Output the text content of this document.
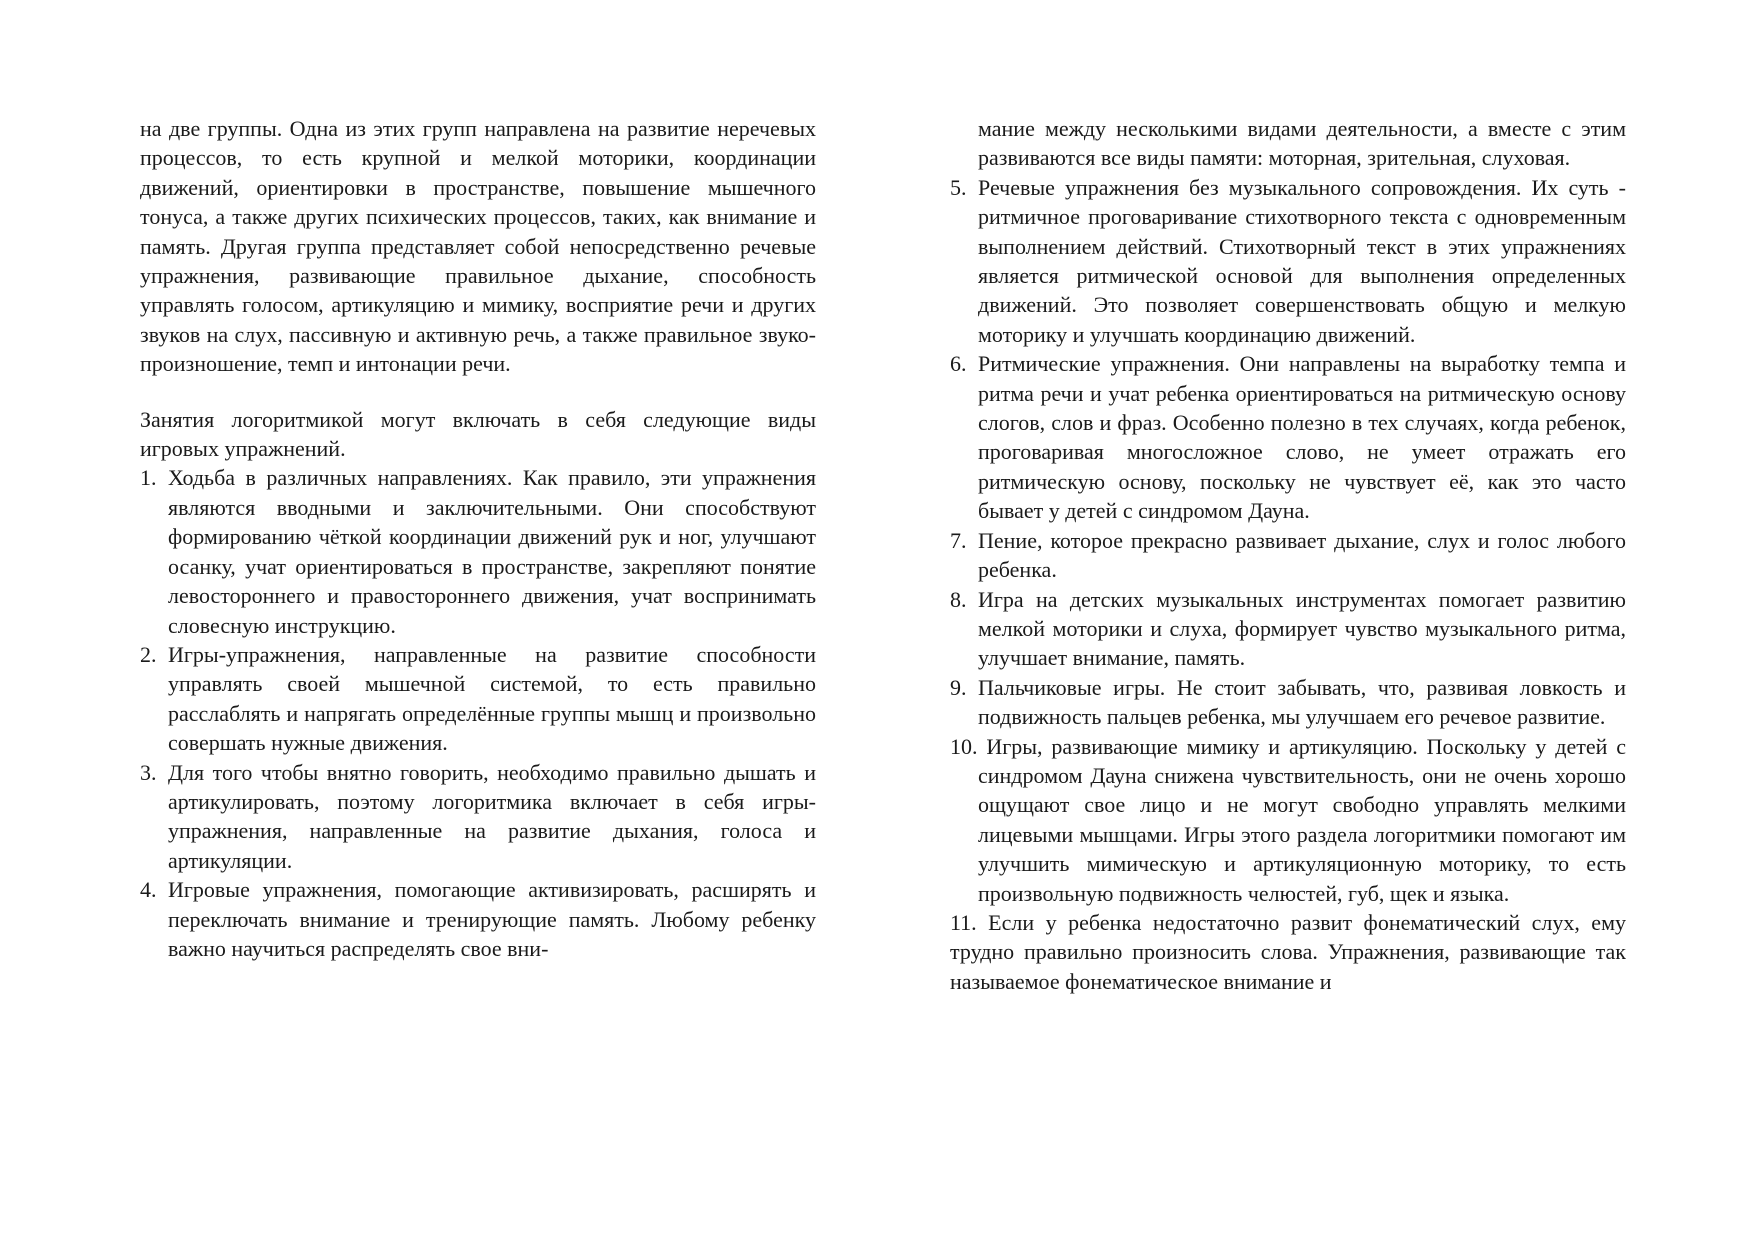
на две группы. Одна из этих групп направлена на развитие неречевых процессов, то есть крупной и мелкой моторики, координации движений, ориентировки в пространстве, повышение мышечного тонуса, а также других психических процессов, таких, как внимание и память. Другая группа представляет собой непосредственно речевые упражнения, развивающие правильное дыхание, способность управлять голосом, артикуляцию и мимику, восприятие речи и других звуков на слух, пассивную и активную речь, а также правильное звуко-произношение, темп и интонации речи.

Занятия логоритмикой могут включать в себя следующие виды игровых упражнений.

1. Ходьба в различных направлениях. Как правило, эти упражнения являются вводными и заключительными. Они способствуют формированию чёткой координации движений рук и ног, улучшают осанку, учат ориентироваться в пространстве, закрепляют понятие левостороннего и правостороннего движения, учат воспринимать словесную инструкцию.
2. Игры-упражнения, направленные на развитие способности управлять своей мышечной системой, то есть правильно расслаблять и напрягать определённые группы мышц и произвольно совершать нужные движения.
3. Для того чтобы внятно говорить, необходимо правильно дышать и артикулировать, поэтому логоритмика включает в себя игры-упражнения, направленные на развитие дыхания, голоса и артикуляции.
4. Игровые упражнения, помогающие активизировать, расширять и переключать внимание и тренирующие память. Любому ребенку важно научиться распределять свое вни-

мание между несколькими видами деятельности, а вместе с этим развиваются все виды памяти: моторная, зрительная, слуховая.

5. Речевые упражнения без музыкального сопровождения. Их суть - ритмичное проговаривание стихотворного текста с одновременным выполнением действий. Стихотворный текст в этих упражнениях является ритмической основой для выполнения определенных движений. Это позволяет совершенствовать общую и мелкую моторику и улучшать координацию движений.
6. Ритмические упражнения. Они направлены на выработку темпа и ритма речи и учат ребенка ориентироваться на ритмическую основу слогов, слов и фраз. Особенно полезно в тех случаях, когда ребенок, проговаривая многосложное слово, не умеет отражать его ритмическую основу, поскольку не чувствует её, как это часто бывает у детей с синдромом Дауна.
7. Пение, которое прекрасно развивает дыхание, слух и голос любого ребенка.
8. Игра на детских музыкальных инструментах помогает развитию мелкой моторики и слуха, формирует чувство музыкального ритма, улучшает внимание, память.
9. Пальчиковые игры. Не стоит забывать, что, развивая ловкость и подвижность пальцев ребенка, мы улучшаем его речевое развитие.

10. Игры, развивающие мимику и артикуляцию. Поскольку у детей с синдромом Дауна снижена чувствительность, они не очень хорошо ощущают свое лицо и не могут свободно управлять мелкими лицевыми мышцами. Игры этого раздела логоритмики помогают им улучшить мимическую и артикуляционную моторику, то есть произвольную подвижность челюстей, губ, щек и языка.

11. Если у ребенка недостаточно развит фонематический слух, ему трудно правильно произносить слова. Упражнения, развивающие так называемое фонематическое внимание и
